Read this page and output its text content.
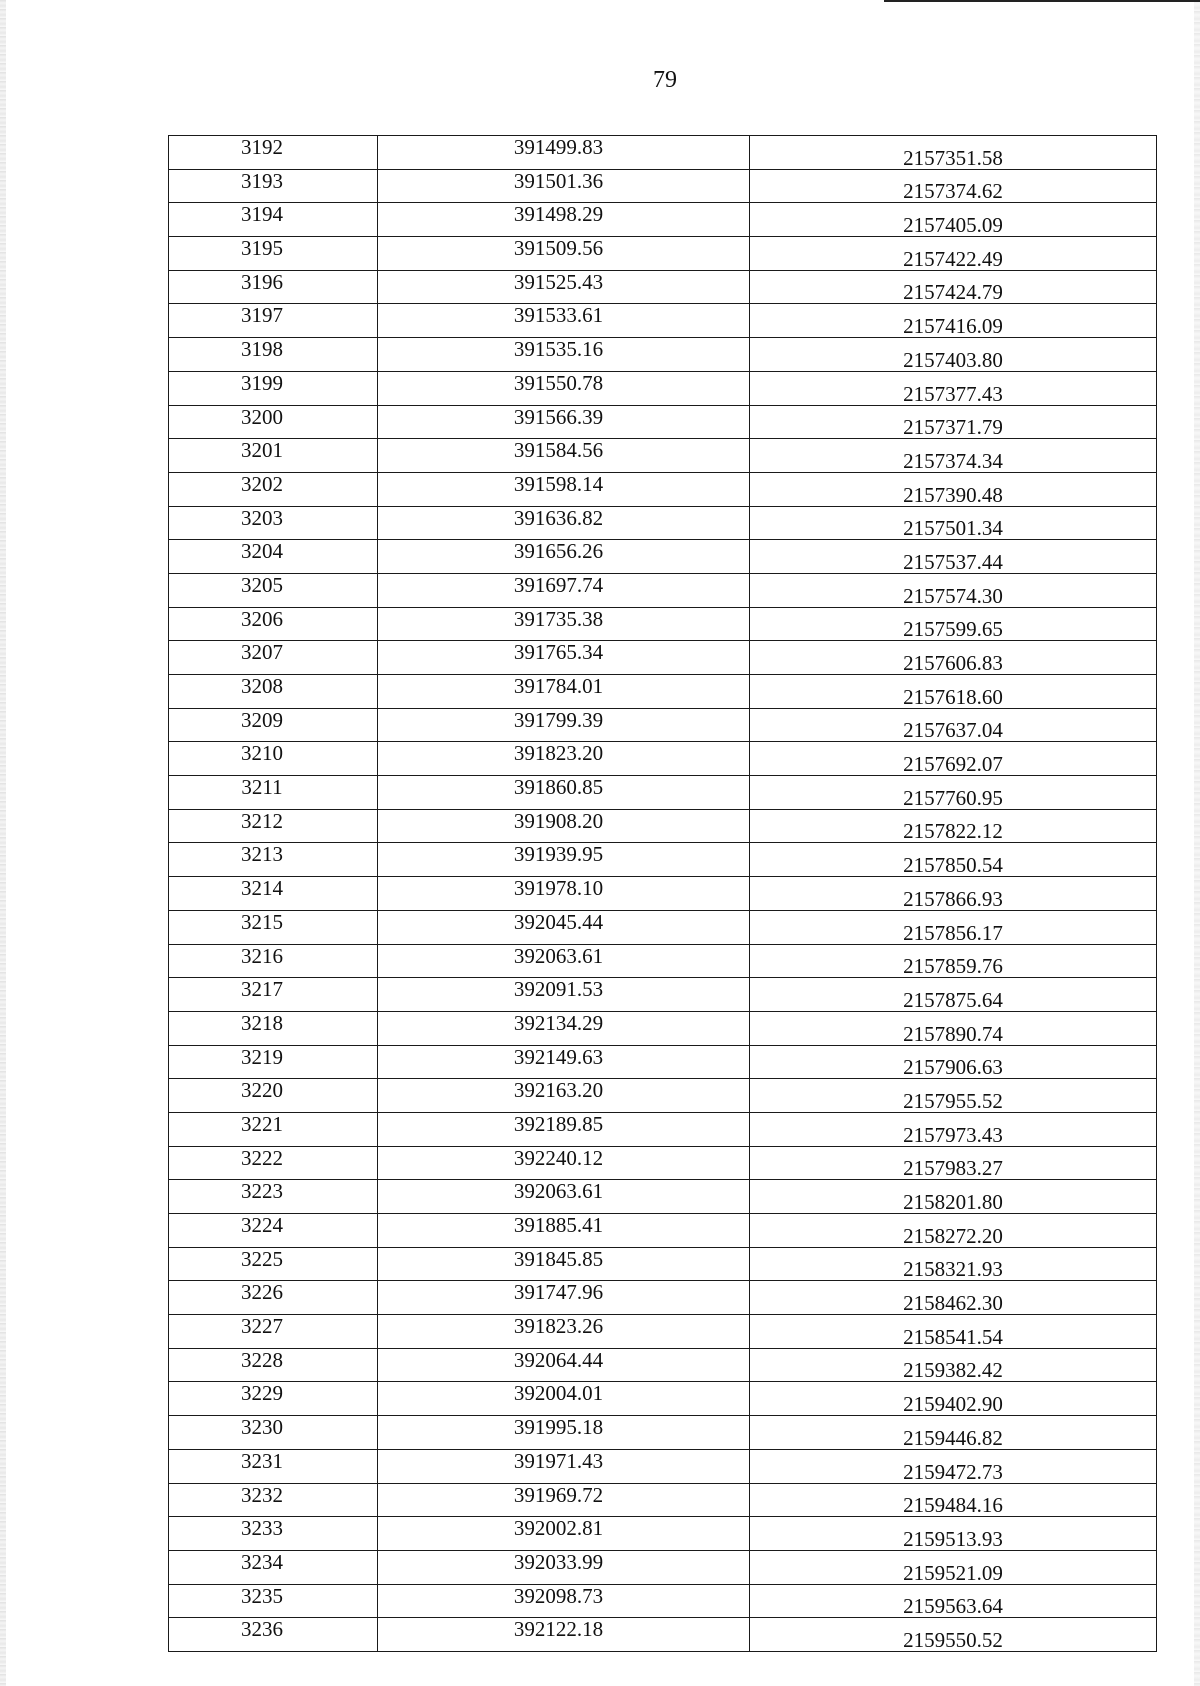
79
3192	391499.83	2157351.58
3193	391501.36	2157374.62
3194	391498.29	2157405.09
3195	391509.56	2157422.49
3196	391525.43	2157424.79
3197	391533.61	2157416.09
3198	391535.16	2157403.80
3199	391550.78	2157377.43
3200	391566.39	2157371.79
3201	391584.56	2157374.34
3202	391598.14	2157390.48
3203	391636.82	2157501.34
3204	391656.26	2157537.44
3205	391697.74	2157574.30
3206	391735.38	2157599.65
3207	391765.34	2157606.83
3208	391784.01	2157618.60
3209	391799.39	2157637.04
3210	391823.20	2157692.07
3211	391860.85	2157760.95
3212	391908.20	2157822.12
3213	391939.95	2157850.54
3214	391978.10	2157866.93
3215	392045.44	2157856.17
3216	392063.61	2157859.76
3217	392091.53	2157875.64
3218	392134.29	2157890.74
3219	392149.63	2157906.63
3220	392163.20	2157955.52
3221	392189.85	2157973.43
3222	392240.12	2157983.27
3223	392063.61	2158201.80
3224	391885.41	2158272.20
3225	391845.85	2158321.93
3226	391747.96	2158462.30
3227	391823.26	2158541.54
3228	392064.44	2159382.42
3229	392004.01	2159402.90
3230	391995.18	2159446.82
3231	391971.43	2159472.73
3232	391969.72	2159484.16
3233	392002.81	2159513.93
3234	392033.99	2159521.09
3235	392098.73	2159563.64
3236	392122.18	2159550.52
